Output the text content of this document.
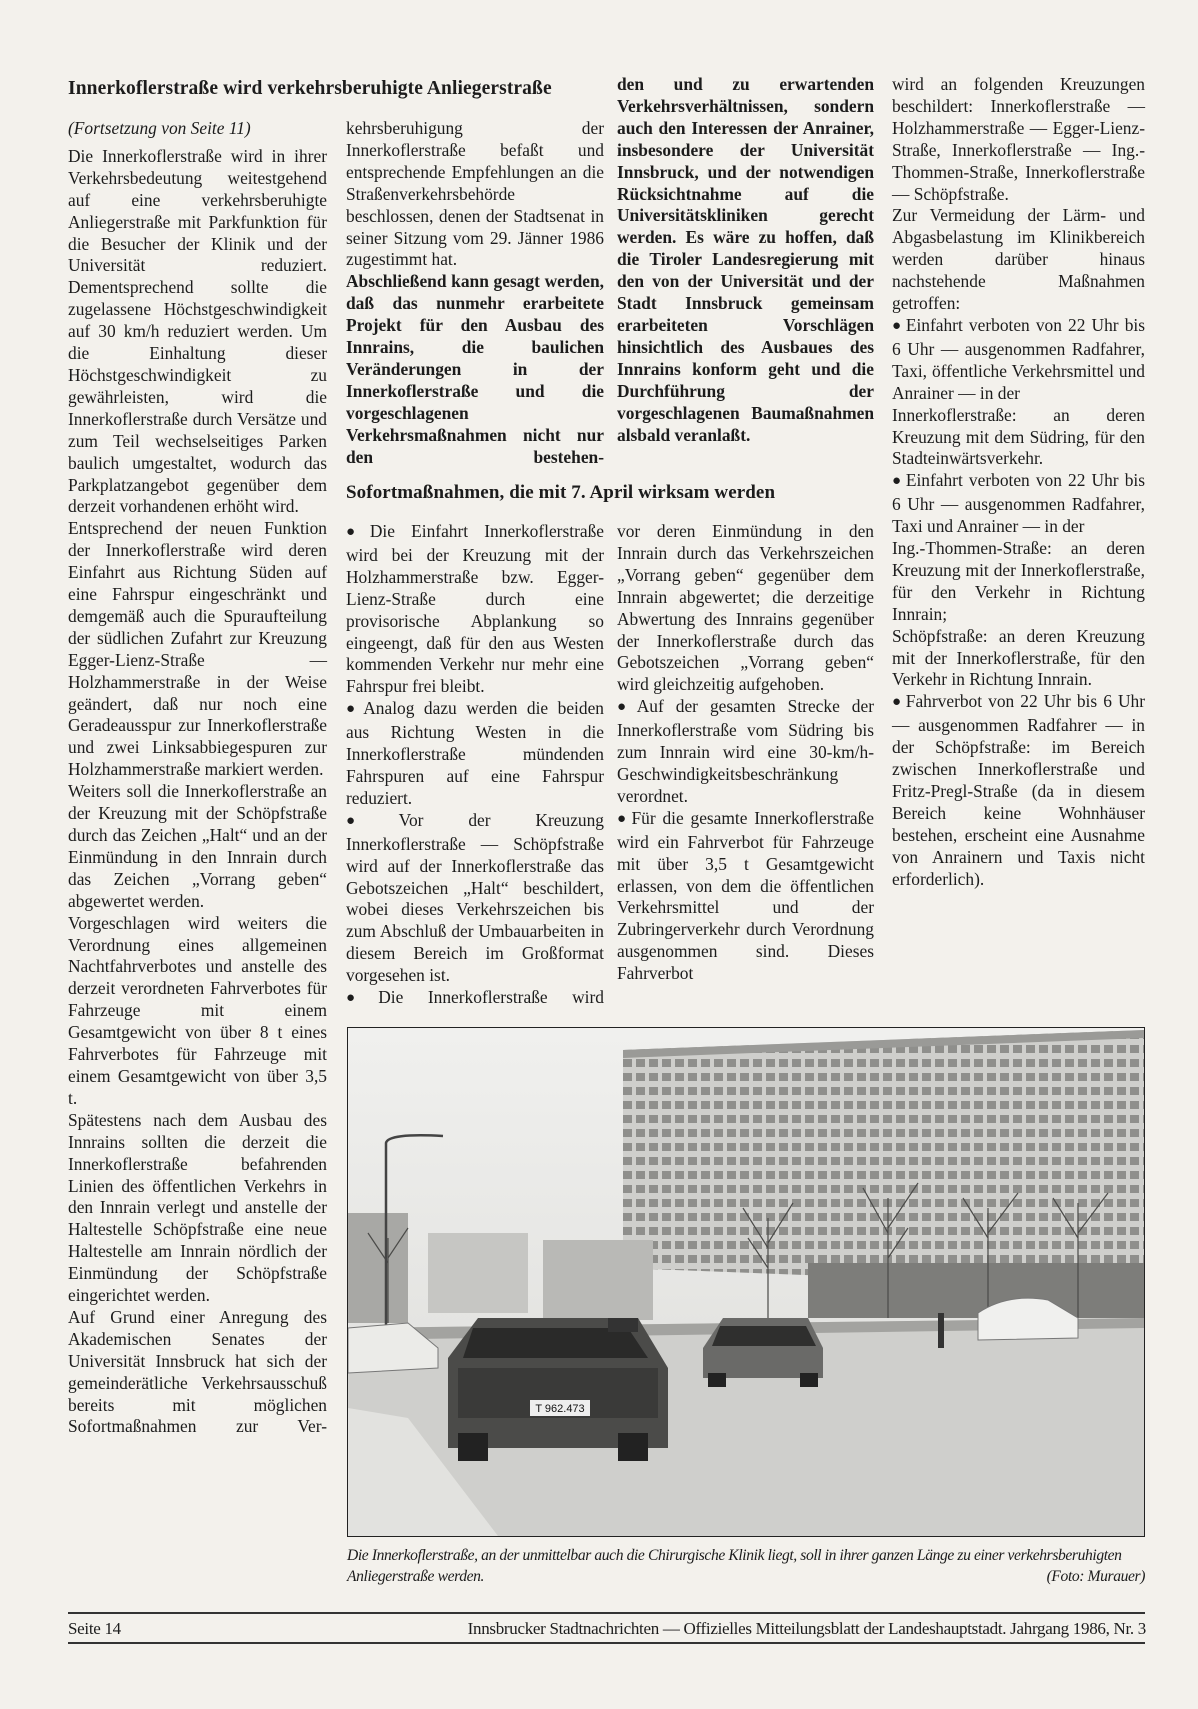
Innerkoflerstraße wird verkehrsberuhigte Anliegerstraße

(Fortsetzung von Seite 11)

Die Innerkoflerstraße wird in ihrer Verkehrsbedeutung weitestgehend auf eine verkehrsberuhigte Anliegerstraße mit Parkfunktion für die Besucher der Klinik und der Universität reduziert. Dementsprechend sollte die zugelassene Höchstgeschwindigkeit auf 30 km/h reduziert werden. Um die Einhaltung dieser Höchstgeschwindigkeit zu gewährleisten, wird die Innerkoflerstraße durch Versätze und zum Teil wechselseitiges Parken baulich umgestaltet, wodurch das Parkplatzangebot gegenüber dem derzeit vorhandenen erhöht wird.

Entsprechend der neuen Funktion der Innerkoflerstraße wird deren Einfahrt aus Richtung Süden auf eine Fahrspur eingeschränkt und demgemäß auch die Spuraufteilung der südlichen Zufahrt zur Kreuzung Egger-Lienz-Straße — Holzhammerstraße in der Weise geändert, daß nur noch eine Geradeausspur zur Innerkoflerstraße und zwei Linksabbiegespuren zur Holzhammerstraße markiert werden.

Weiters soll die Innerkoflerstraße an der Kreuzung mit der Schöpfstraße durch das Zeichen „Halt“ und an der Einmündung in den Innrain durch das Zeichen „Vorrang geben“ abgewertet werden.

Vorgeschlagen wird weiters die Verordnung eines allgemeinen Nachtfahrverbotes und anstelle des derzeit verordneten Fahrverbotes für Fahrzeuge mit einem Gesamtgewicht von über 8 t eines Fahrverbotes für Fahrzeuge mit einem Gesamtgewicht von über 3,5 t.

Spätestens nach dem Ausbau des Innrains sollten die derzeit die Innerkoflerstraße befahrenden Linien des öffentlichen Verkehrs in den Innrain verlegt und anstelle der Haltestelle Schöpfstraße eine neue Haltestelle am Innrain nördlich der Einmündung der Schöpfstraße eingerichtet werden.

Auf Grund einer Anregung des Akademischen Senates der Universität Innsbruck hat sich der gemeinderätliche Verkehrsausschuß bereits mit möglichen Sofortmaßnahmen zur Ver-

kehrsberuhigung der Innerkoflerstraße befaßt und entsprechende Empfehlungen an die Straßenverkehrsbehörde beschlossen, denen der Stadtsenat in seiner Sitzung vom 29. Jänner 1986 zugestimmt hat.

Abschließend kann gesagt werden, daß das nunmehr erarbeitete Projekt für den Ausbau des Innrains, die baulichen Veränderungen in der Innerkoflerstraße und die vorgeschlagenen Verkehrsmaßnahmen nicht nur den bestehen-

den und zu erwartenden Verkehrsverhältnissen, sondern auch den Interessen der Anrainer, insbesondere der Universität Innsbruck, und der notwendigen Rücksichtnahme auf die Universitätskliniken gerecht werden. Es wäre zu hoffen, daß die Tiroler Landesregierung mit den von der Universität und der Stadt Innsbruck gemeinsam erarbeiteten Vorschlägen hinsichtlich des Ausbaues des Innrains konform geht und die Durchführung der vorgeschlagenen Baumaßnahmen alsbald veranlaßt.

Sofortmaßnahmen, die mit 7. April wirksam werden

● Die Einfahrt Innerkoflerstraße wird bei der Kreuzung mit der Holzhammerstraße bzw. Egger-Lienz-Straße durch eine provisorische Abplankung so eingeengt, daß für den aus Westen kommenden Verkehr nur mehr eine Fahrspur frei bleibt.

● Analog dazu werden die beiden aus Richtung Westen in die Innerkoflerstraße mündenden Fahrspuren auf eine Fahrspur reduziert.

● Vor der Kreuzung Innerkoflerstraße — Schöpfstraße wird auf der Innerkoflerstraße das Gebotszeichen „Halt“ beschildert, wobei dieses Verkehrszeichen bis zum Abschluß der Umbauarbeiten in diesem Bereich im Großformat vorgesehen ist.

● Die Innerkoflerstraße wird

vor deren Einmündung in den Innrain durch das Verkehrszeichen „Vorrang geben“ gegenüber dem Innrain abgewertet; die derzeitige Abwertung des Innrains gegenüber der Innerkoflerstraße durch das Gebotszeichen „Vorrang geben“ wird gleichzeitig aufgehoben.

● Auf der gesamten Strecke der Innerkoflerstraße vom Südring bis zum Innrain wird eine 30-km/h-Geschwindigkeitsbeschränkung verordnet.

● Für die gesamte Innerkoflerstraße wird ein Fahrverbot für Fahrzeuge mit über 3,5 t Gesamtgewicht erlassen, von dem die öffentlichen Verkehrsmittel und der Zubringerverkehr durch Verordnung ausgenommen sind. Dieses Fahrverbot

wird an folgenden Kreuzungen beschildert: Innerkoflerstraße — Holzhammerstraße — Egger-Lienz-Straße, Innerkoflerstraße — Ing.-Thommen-Straße, Innerkoflerstraße — Schöpfstraße.

Zur Vermeidung der Lärm- und Abgasbelastung im Klinikbereich werden darüber hinaus nachstehende Maßnahmen getroffen:

● Einfahrt verboten von 22 Uhr bis 6 Uhr — ausgenommen Radfahrer, Taxi, öffentliche Verkehrsmittel und Anrainer — in der

Innerkoflerstraße: an deren Kreuzung mit dem Südring, für den Stadteinwärtsverkehr.

● Einfahrt verboten von 22 Uhr bis 6 Uhr — ausgenommen Radfahrer, Taxi und Anrainer — in der

Ing.-Thommen-Straße: an deren Kreuzung mit der Innerkoflerstraße, für den Verkehr in Richtung Innrain;

Schöpfstraße: an deren Kreuzung mit der Innerkoflerstraße, für den Verkehr in Richtung Innrain.

● Fahrverbot von 22 Uhr bis 6 Uhr — ausgenommen Radfahrer — in der Schöpfstraße: im Bereich zwischen Innerkoflerstraße und Fritz-Pregl-Straße (da in diesem Bereich keine Wohnhäuser bestehen, erscheint eine Ausnahme von Anrainern und Taxis nicht erforderlich).

T 962.473
Die Innerkoflerstraße, an der unmittelbar auch die Chirurgische Klinik liegt, soll in ihrer ganzen Länge zu einer verkehrsberuhigten Anliegerstraße werden.	(Foto: Murauer)
Seite 14	Innsbrucker Stadtnachrichten — Offizielles Mitteilungsblatt der Landeshauptstadt. Jahrgang 1986, Nr. 3
